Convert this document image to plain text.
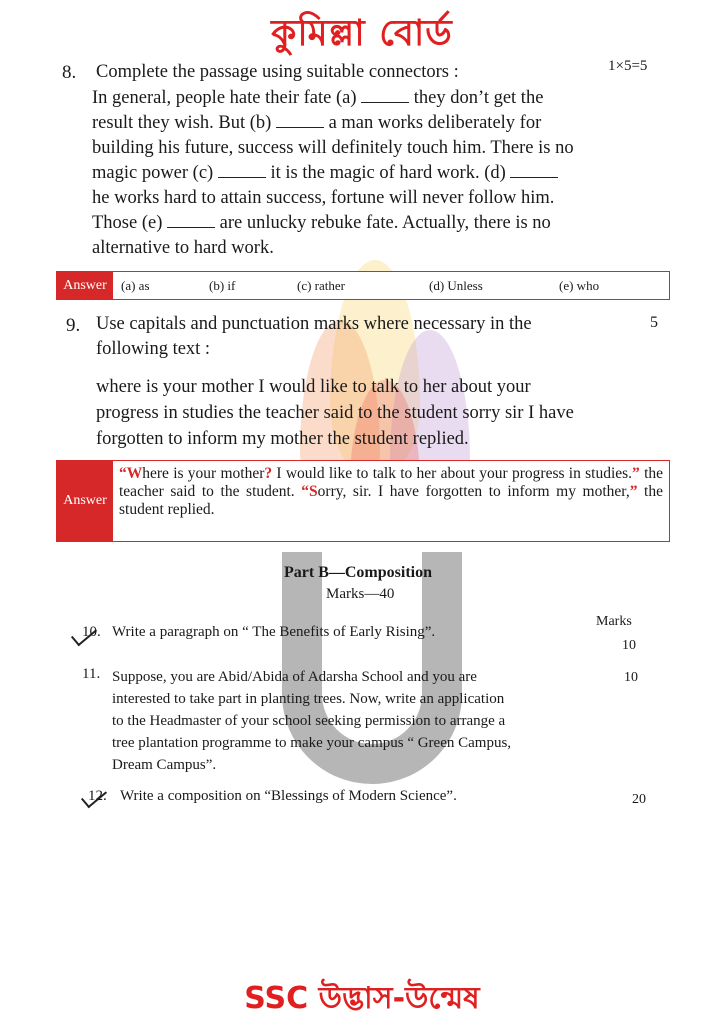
কুমিল্লা বোর্ড
8. Complete the passage using suitable connectors :	1×5=5
In general, people hate their fate (a)	they don’t get the
result they wish. But (b)	a man works deliberately for
building his future, success will definitely touch him. There is no
magic power (c)	it is the magic of hard work. (d)
he works hard to attain success, fortune will never follow him.
Those (e)	are unlucky rebuke fate. Actually, there is no
alternative to hard work.
Answer	(a) as	(b) if	(c) rather	(d) Unless	(e) who
9. Use capitals and punctuation marks where necessary in the
following text :
5
where is your mother I would like to talk to her about your
progress in studies the teacher said to the student sorry sir I have
forgotten to inform my mother the student replied.
Answer
“Where is your mother? I would like to talk to her about your progress in studies.” the teacher said to the student. “Sorry, sir. I have forgotten to inform my mother,” the student replied.
Part B—Composition
Marks—40
Marks
10. Write a paragraph on “ The Benefits of Early Rising”.
10
11. Suppose, you are Abid/Abida of Adarsha School and you are
interested to take part in planting trees. Now, write an application
to the Headmaster of your school seeking permission to arrange a
tree plantation programme to make your campus “ Green Campus,
Dream Campus”.
10
12. Write a composition on “Blessings of Modern Science”.	20
SSC উদ্ভাস-উন্মেষ
